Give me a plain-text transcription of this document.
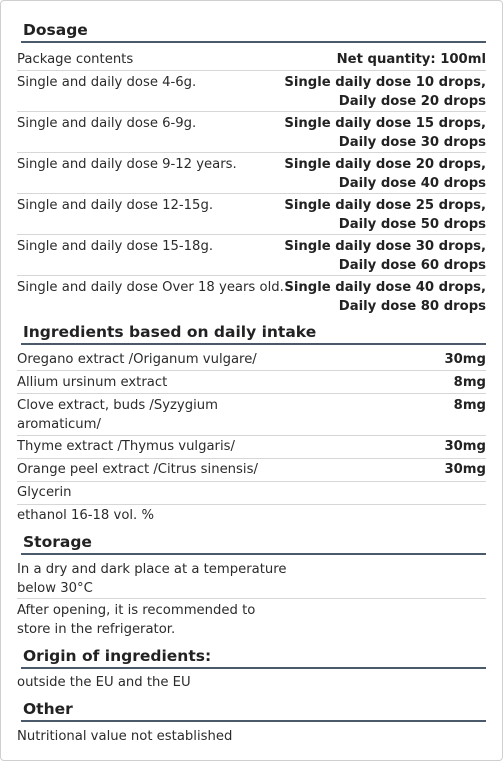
Dosage
Package contents	Net quantity: 100ml
Single and daily dose 4-6g.	Single daily dose 10 drops,
Daily dose 20 drops
Single and daily dose 6-9g.	Single daily dose 15 drops,
Daily dose 30 drops
Single and daily dose 9-12 years.	Single daily dose 20 drops,
Daily dose 40 drops
Single and daily dose 12-15g.	Single daily dose 25 drops,
Daily dose 50 drops
Single and daily dose 15-18g.	Single daily dose 30 drops,
Daily dose 60 drops
Single and daily dose Over 18 years old. Single daily dose 40 drops,
Daily dose 80 drops
Ingredients based on daily intake
Oregano extract /Origanum vulgare/	30mg
Allium ursinum extract	8mg
Clove extract, buds /Syzygium
aromaticum/
8mg
Thyme extract /Thymus vulgaris/	30mg
Orange peel extract /Citrus sinensis/	30mg
Glycerin
ethanol 16-18 vol. %
Storage
In a dry and dark place at a temperature
below 30°C
After opening, it is recommended to
store in the refrigerator.
Origin of ingredients:
outside the EU and the EU
Other
Nutritional value not established
